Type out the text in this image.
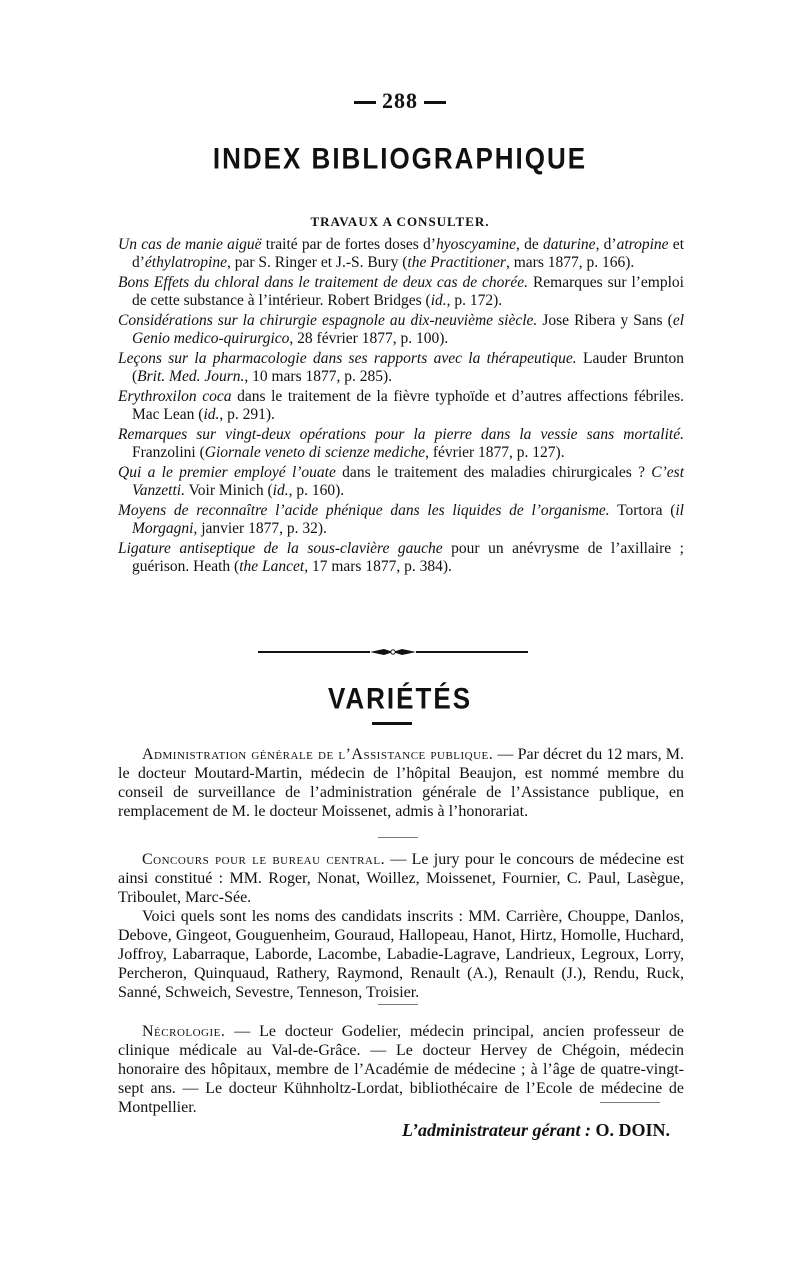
288
INDEX BIBLIOGRAPHIQUE
TRAVAUX A CONSULTER.

Un cas de manie aiguë traité par de fortes doses d’hyoscyamine, de daturine, d’atropine et d’éthylatropine, par S. Ringer et J.-S. Bury (the Practitioner, mars 1877, p. 166).

Bons Effets du chloral dans le traitement de deux cas de chorée. Remarques sur l’emploi de cette substance à l’intérieur. Robert Bridges (id., p. 172).

Considérations sur la chirurgie espagnole au dix-neuvième siècle. Jose Ribera y Sans (el Genio medico-quirurgico, 28 février 1877, p. 100).

Leçons sur la pharmacologie dans ses rapports avec la thérapeutique. Lauder Brunton (Brit. Med. Journ., 10 mars 1877, p. 285).

Erythroxilon coca dans le traitement de la fièvre typhoïde et d’autres affections fébriles. Mac Lean (id., p. 291).

Remarques sur vingt-deux opérations pour la pierre dans la vessie sans mortalité. Franzolini (Giornale veneto di scienze mediche, février 1877, p. 127).

Qui a le premier employé l’ouate dans le traitement des maladies chirurgicales ? C’est Vanzetti. Voir Minich (id., p. 160).

Moyens de reconnaître l’acide phénique dans les liquides de l’organisme. Tortora (il Morgagni, janvier 1877, p. 32).

Ligature antiseptique de la sous-clavière gauche pour un anévrysme de l’axillaire ; guérison. Heath (the Lancet, 17 mars 1877, p. 384).

VARIÉTÉS

Administration générale de l’Assistance publique. — Par décret du 12 mars, M. le docteur Moutard-Martin, médecin de l’hôpital Beaujon, est nommé membre du conseil de surveillance de l’administration générale de l’Assistance publique, en remplacement de M. le docteur Moissenet, admis à l’honorariat.

Concours pour le bureau central. — Le jury pour le concours de médecine est ainsi constitué : MM. Roger, Nonat, Woillez, Moissenet, Fournier, C. Paul, Lasègue, Triboulet, Marc-Sée.

Voici quels sont les noms des candidats inscrits : MM. Carrière, Chouppe, Danlos, Debove, Gingeot, Gouguenheim, Gouraud, Hallopeau, Hanot, Hirtz, Homolle, Huchard, Joffroy, Labarraque, Laborde, Lacombe, Labadie-Lagrave, Landrieux, Legroux, Lorry, Percheron, Quinquaud, Rathery, Raymond, Renault (A.), Renault (J.), Rendu, Ruck, Sanné, Schweich, Sevestre, Tenneson, Troisier.

Nécrologie. — Le docteur Godelier, médecin principal, ancien professeur de clinique médicale au Val-de-Grâce. — Le docteur Hervey de Chégoin, médecin honoraire des hôpitaux, membre de l’Académie de médecine ; à l’âge de quatre-vingt-sept ans. — Le docteur Kühnholtz-Lordat, bibliothécaire de l’Ecole de médecine de Montpellier.

L’administrateur gérant : O. DOIN.
